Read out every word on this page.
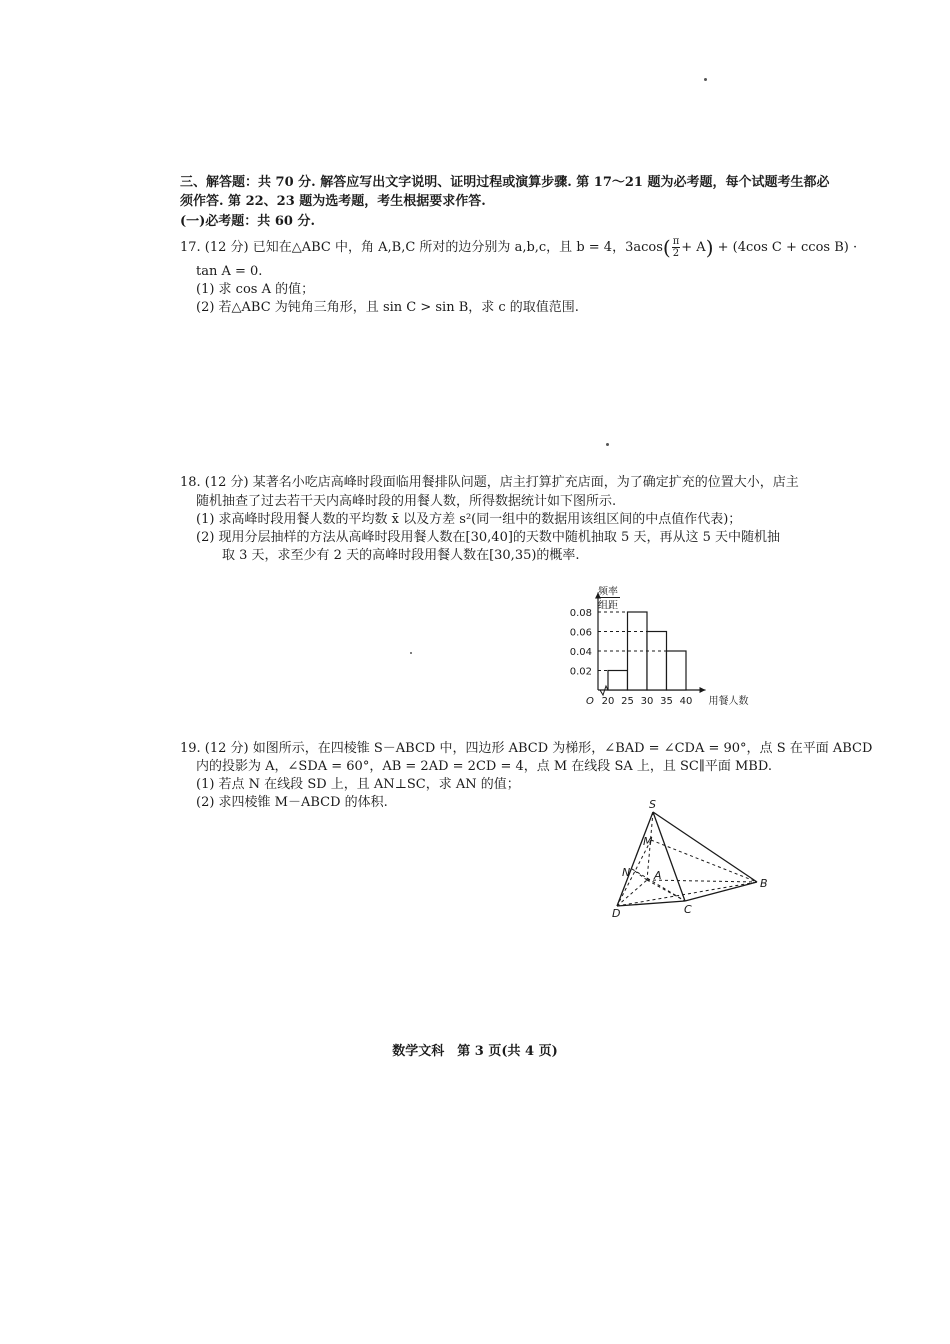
三、解答题：共 70 分. 解答应写出文字说明、证明过程或演算步骤. 第 17～21 题为必考题，每个试题考生都必
须作答. 第 22、23 题为选考题，考生根据要求作答.
(一)必考题：共 60 分.
17. (12 分) 已知在△ABC 中，角 A,B,C 所对的边分别为 a,b,c，且 b = 4，$3acos( \frac{\pi}{2} + A) + (4\cos$ C + ccos B) ·
tan A = 0.
(1) 求 cos A 的值；
(2) 若△ABC 为钝角三角形，且 sin C > sin B，求 c 的取值范围.
18. (12 分) 某著名小吃店高峰时段面临用餐排队问题，店主打算扩充店面，为了确定扩充的位置大小，店主
随机抽查了过去若干天内高峰时段的用餐人数，所得数据统计如下图所示.
(1) 求高峰时段用餐人数的平均数 x̄ 以及方差 s²(同一组中的数据用该组区间的中点值作代表)；
(2) 现用分层抽样的方法从高峰时段用餐人数在[30,40]的天数中随机抽取 5 天，再从这 5 天中随机抽
取 3 天，求至少有 2 天的高峰时段用餐人数在[30,35)的概率.
0.02
0.04
0.06
0.08
20 25 30 35 40
O
频率
组距
用餐人数
19. (12 分) 如图所示，在四棱锥 S－ABCD 中，四边形 ABCD 为梯形，∠BAD = ∠CDA = 90°，点 S 在平面 ABCD
内的投影为 A，∠SDA = 60°，AB = 2AD = 2CD = 4，点 M 在线段 SA 上，且 SC∥平面 MBD.
(1) 若点 N 在线段 SD 上，且 AN⊥SC，求 AN 的值；
(2) 求四棱锥 M－ABCD 的体积.	S
M
N A
B
C
D
数学文科　第 3 页(共 4 页)
